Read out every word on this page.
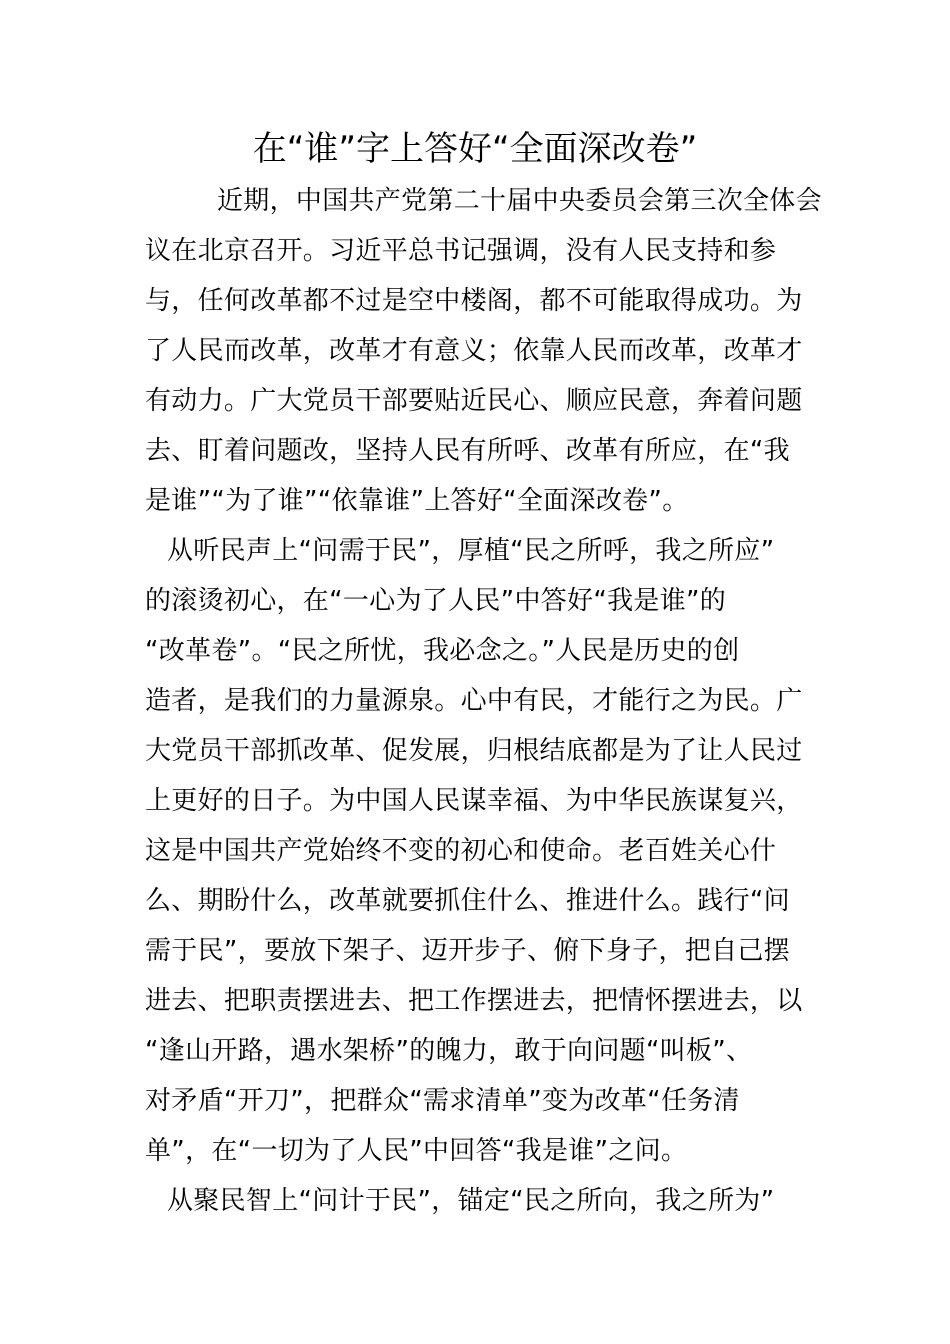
在“谁”字上答好“全面深改卷”
近期，中国共产党第二十届中央委员会第三次全体会
议在北京召开。习近平总书记强调，没有人民支持和参
与，任何改革都不过是空中楼阁，都不可能取得成功。为
了人民而改革，改革才有意义；依靠人民而改革，改革才
有动力。广大党员干部要贴近民心、顺应民意，奔着问题
去、盯着问题改，坚持人民有所呼、改革有所应，在“我
是谁”“为了谁”“依靠谁”上答好“全面深改卷”。
从听民声上“问需于民”，厚植“民之所呼，我之所应”
的滚烫初心，在“一心为了人民”中答好“我是谁”的
“改革卷”。“民之所忧，我必念之。”人民是历史的创
造者，是我们的力量源泉。心中有民，才能行之为民。广
大党员干部抓改革、促发展，归根结底都是为了让人民过
上更好的日子。为中国人民谋幸福、为中华民族谋复兴，
这是中国共产党始终不变的初心和使命。老百姓关心什
么、期盼什么，改革就要抓住什么、推进什么。践行“问
需于民”，要放下架子、迈开步子、俯下身子，把自己摆
进去、把职责摆进去、把工作摆进去，把情怀摆进去，以
“逢山开路，遇水架桥”的魄力，敢于向问题“叫板”、
对矛盾“开刀”，把群众“需求清单”变为改革“任务清
单”，在“一切为了人民”中回答“我是谁”之问。
从聚民智上“问计于民”，锚定“民之所向，我之所为”
